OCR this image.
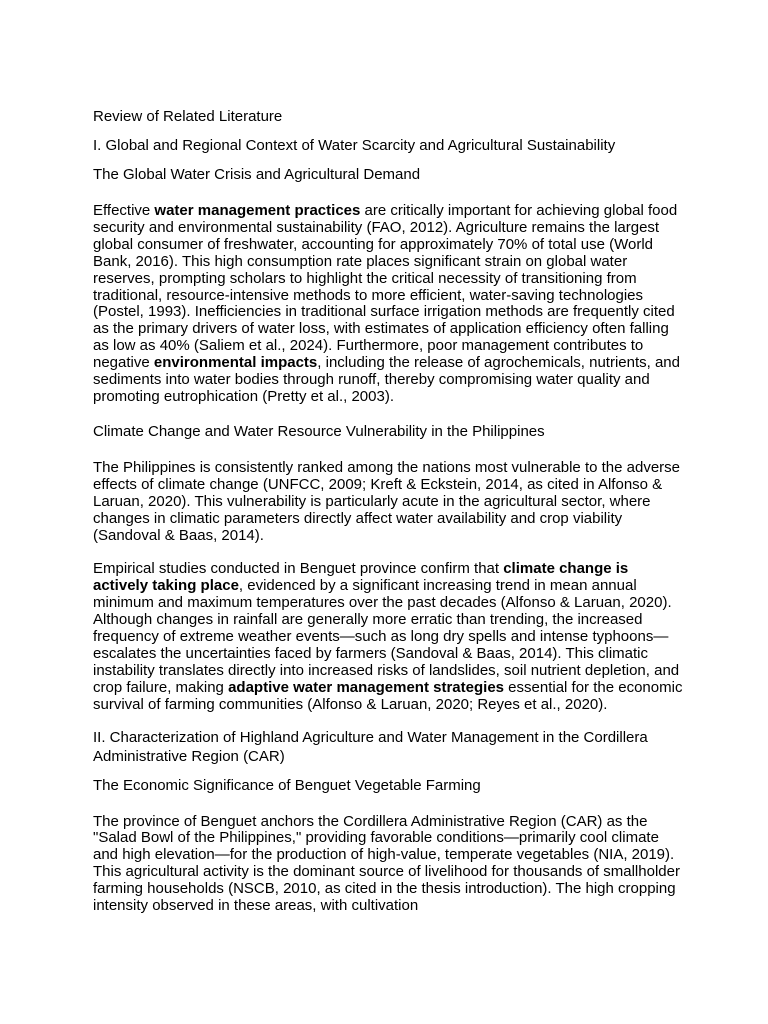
Review of Related Literature

I. Global and Regional Context of Water Scarcity and Agricultural Sustainability

The Global Water Crisis and Agricultural Demand

Effective water management practices are critically important for achieving global food security and environmental sustainability (FAO, 2012). Agriculture remains the largest global consumer of freshwater, accounting for approximately 70% of total use (World Bank, 2016). This high consumption rate places significant strain on global water reserves, prompting scholars to highlight the critical necessity of transitioning from traditional, resource-intensive methods to more efficient, water-saving technologies (Postel, 1993). Inefficiencies in traditional surface irrigation methods are frequently cited as the primary drivers of water loss, with estimates of application efficiency often falling as low as 40% (Saliem et al., 2024). Furthermore, poor management contributes to negative environmental impacts, including the release of agrochemicals, nutrients, and sediments into water bodies through runoff, thereby compromising water quality and promoting eutrophication (Pretty et al., 2003).

Climate Change and Water Resource Vulnerability in the Philippines

The Philippines is consistently ranked among the nations most vulnerable to the adverse effects of climate change (UNFCC, 2009; Kreft & Eckstein, 2014, as cited in Alfonso & Laruan, 2020). This vulnerability is particularly acute in the agricultural sector, where changes in climatic parameters directly affect water availability and crop viability (Sandoval & Baas, 2014).

Empirical studies conducted in Benguet province confirm that climate change is actively taking place, evidenced by a significant increasing trend in mean annual minimum and maximum temperatures over the past decades (Alfonso & Laruan, 2020). Although changes in rainfall are generally more erratic than trending, the increased frequency of extreme weather events—such as long dry spells and intense typhoons—escalates the uncertainties faced by farmers (Sandoval & Baas, 2014). This climatic instability translates directly into increased risks of landslides, soil nutrient depletion, and crop failure, making adaptive water management strategies essential for the economic survival of farming communities (Alfonso & Laruan, 2020; Reyes et al., 2020).

II. Characterization of Highland Agriculture and Water Management in the Cordillera Administrative Region (CAR)

The Economic Significance of Benguet Vegetable Farming

The province of Benguet anchors the Cordillera Administrative Region (CAR) as the "Salad Bowl of the Philippines," providing favorable conditions—primarily cool climate and high elevation—for the production of high-value, temperate vegetables (NIA, 2019). This agricultural activity is the dominant source of livelihood for thousands of smallholder farming households (NSCB, 2010, as cited in the thesis introduction). The high cropping intensity observed in these areas, with cultivation
